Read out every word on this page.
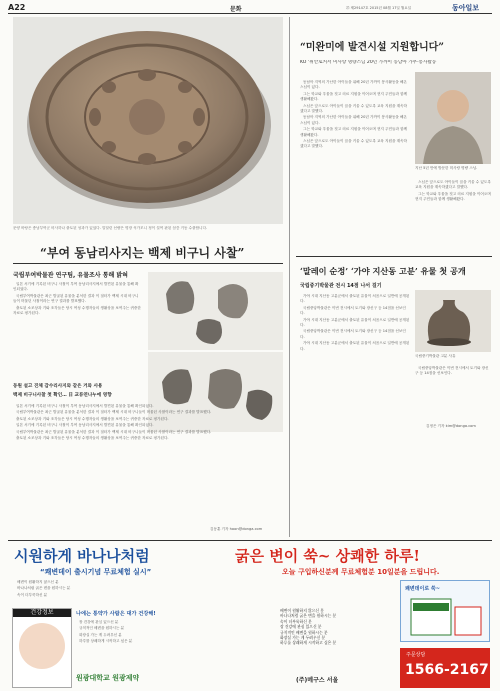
A22	문화	㉗ 제29147호 2015년 08월 17일 월요일	동아일보
문양 바탕은 충남부여군 비사하나 출토된 성과가 있었다. 말달린 선량은 명장 석가모니 정이 설여 판된 삼층 거동 수출합니다.
“부여 동남리사지는 백제 비구니 사찰”
국립부여박물관 연구팀, 유물조사 통해 밝혀

일본 서기에 기록된 비구니 사찰이 부여 동남리사지에서 발견된 유물을 통해 확인되었다.

국립부여박물관은 최근 발굴된 유물을 분석한 결과 이 절터가 백제 시대 비구니들이 머물던 사찰이라는 연구 결과를 발표했다.

출토된 소조상과 기와 조각들은 당시 여성 수행자들의 생활상을 보여주는 귀중한 자료로 평가된다.

동원 설고 진체 감수리사지와 같은 거와 사용
백제 비구니사찰 첫 확인… 日 교류연나누에 영향

일본 서기에 기록된 비구니 사찰이 부여 동남리사지에서 발견된 유물을 통해 확인되었다.

국립부여박물관은 최근 발굴된 유물을 분석한 결과 이 절터가 백제 시대 비구니들이 머물던 사찰이라는 연구 결과를 발표했다.

출토된 소조상과 기와 조각들은 당시 여성 수행자들의 생활상을 보여주는 귀중한 자료로 평가된다.

일본 서기에 기록된 비구니 사찰이 부여 동남리사지에서 발견된 유물을 통해 확인되었다.

국립부여박물관은 최근 발굴된 유물을 분석한 결과 이 절터가 백제 시대 비구니들이 머물던 사찰이라는 연구 결과를 발표했다.

출토된 소조상과 기와 조각들은 당시 여성 수행자들의 생활상을 보여주는 귀중한 자료로 평가된다.

김동훈 기자 hoon@donga.com
“미완미에 발견시설 지원합니다”
KO ‘위안로커서 미사랑 명량스님 20년 가까이 동남아 가무·봉사활동

동남아 지역의 가난한 아이들을 위해 20년 가까이 봉사활동을 해온 스님이 있다.

그는 학교와 우물을 짓고 의료 지원을 이어오며 현지 주민들과 함께 생활해왔다.

스님은 앞으로도 아이들이 꿈을 키울 수 있도록 교육 지원을 계속하겠다고 말했다.

동남아 지역의 가난한 아이들을 위해 20년 가까이 봉사활동을 해온 스님이 있다.

그는 학교와 우물을 짓고 의료 지원을 이어오며 현지 주민들과 함께 생활해왔다.

스님은 앞으로도 아이들이 꿈을 키울 수 있도록 교육 지원을 계속하겠다고 말했다.

지난 5년 만에 방문한 미사랑 명량 스님.

스님은 앞으로도 아이들이 꿈을 키울 수 있도록 교육 지원을 계속하겠다고 말했다.

그는 학교와 우물을 짓고 의료 지원을 이어오며 현지 주민들과 함께 생활해왔다.

‘말레이 순정’ ‘가야 지산동 고분’ 유물 첫 공개
국립중기박물관 전시 14점 나서 걸기

가야 시대 지산동 고분군에서 출토된 유물이 처음으로 일반에 공개된다.

국립중앙박물관은 이번 전시에서 토기와 장신구 등 14점을 선보인다.

가야 시대 지산동 고분군에서 출토된 유물이 처음으로 일반에 공개된다.

국립중앙박물관은 이번 전시에서 토기와 장신구 등 14점을 선보인다.

가야 시대 지산동 고분군에서 출토된 유물이 처음으로 일반에 공개된다.

국립중기박물관 고분 사유

국립중앙박물관은 이번 전시에서 토기와 장신구 등 14점을 선보인다.

김정은 기자 kim@donga.com
시원하게 바나나처럼	굵은 변이 쑥~ 상쾌한 하루!
“쾌변데이 출시기념 무료체험 실시”	오늘 구입하신분께 무료체험분 10일분을 드립니다.

배변이 원활하지 않으신 분

바나나처럼 굵은 변을 원하시는 분

속이 더부룩하신 분

쾌변데이로 쑥~
건강정보	나에는 통약가 사람은 대가 건강해!

장 건강에 관심 있으신 분

규칙적인 배변을 원하시는 분

화장실 가는 게 두려우신 분

하루를 상쾌하게 시작하고 싶은 분

배변이 원활하지 않으신 분
바나나처럼 굵은 변을 원하시는 분
속이 더부룩하신 분
장 건강에 관심 있으신 분
규칙적인 배변을 원하시는 분
화장실 가는 게 두려우신 분
하루를 상쾌하게 시작하고 싶은 분
원광대학교 원광제약	(주)메구스 서울
주문상담
1566-2167
